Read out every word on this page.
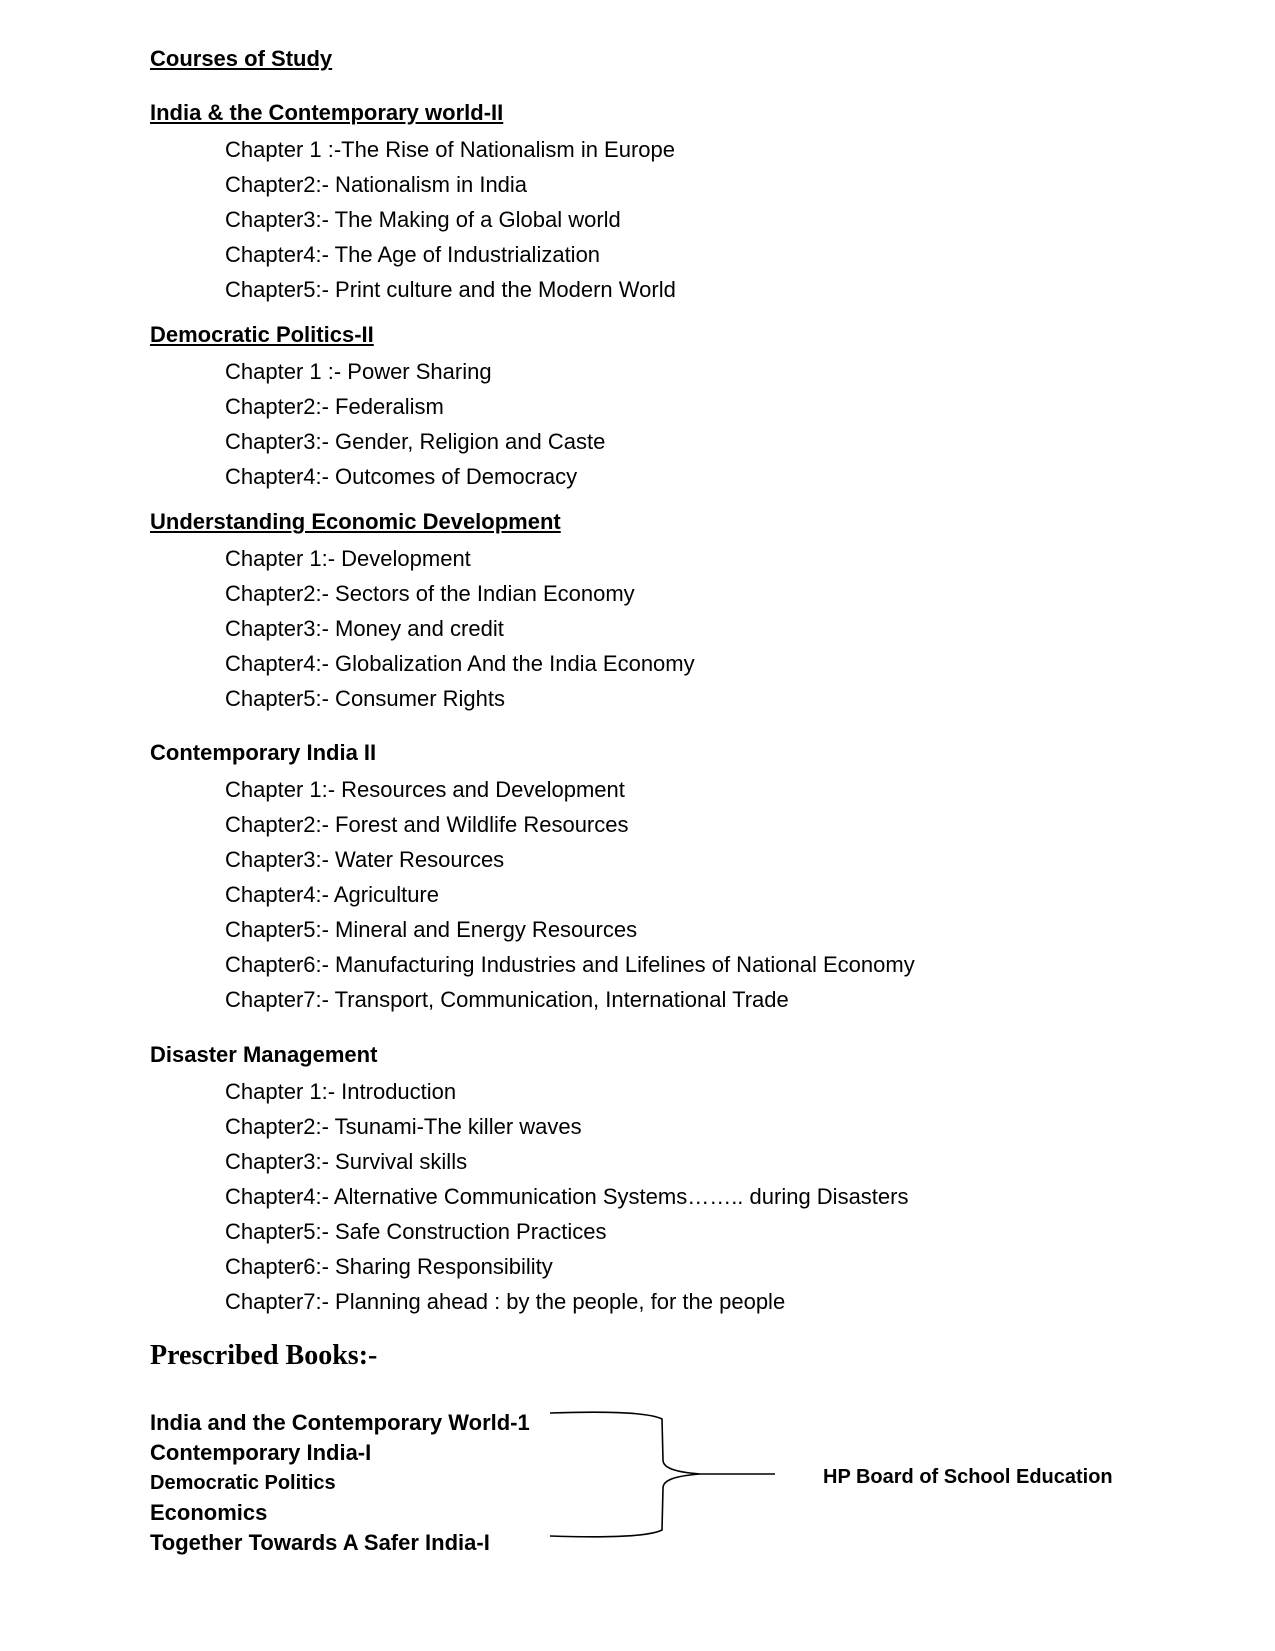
Courses of Study
India & the Contemporary world-II
Chapter 1 :-The Rise of Nationalism in Europe
Chapter2:- Nationalism in India
Chapter3:- The Making of a Global world
Chapter4:- The Age of Industrialization
Chapter5:- Print culture and the Modern World
Democratic Politics-II
Chapter 1 :- Power Sharing
Chapter2:- Federalism
Chapter3:- Gender, Religion and Caste
Chapter4:- Outcomes of Democracy
Understanding Economic Development
Chapter 1:- Development
Chapter2:- Sectors of the Indian Economy
Chapter3:- Money and credit
Chapter4:- Globalization And the India Economy
Chapter5:- Consumer Rights
Contemporary India II
Chapter 1:- Resources and Development
Chapter2:- Forest and Wildlife Resources
Chapter3:- Water Resources
Chapter4:- Agriculture
Chapter5:- Mineral and Energy Resources
Chapter6:- Manufacturing Industries and Lifelines of National Economy
Chapter7:- Transport, Communication, International Trade
Disaster Management
Chapter 1:- Introduction
Chapter2:- Tsunami-The killer waves
Chapter3:- Survival skills
Chapter4:- Alternative Communication Systems…….. during Disasters
Chapter5:- Safe Construction Practices
Chapter6:- Sharing Responsibility
Chapter7:- Planning ahead : by the people, for the people
Prescribed Books:-
India and the Contemporary World-1
Contemporary India-I
Democratic Politics
Economics
Together Towards A Safer India-I
HP Board of School Education
